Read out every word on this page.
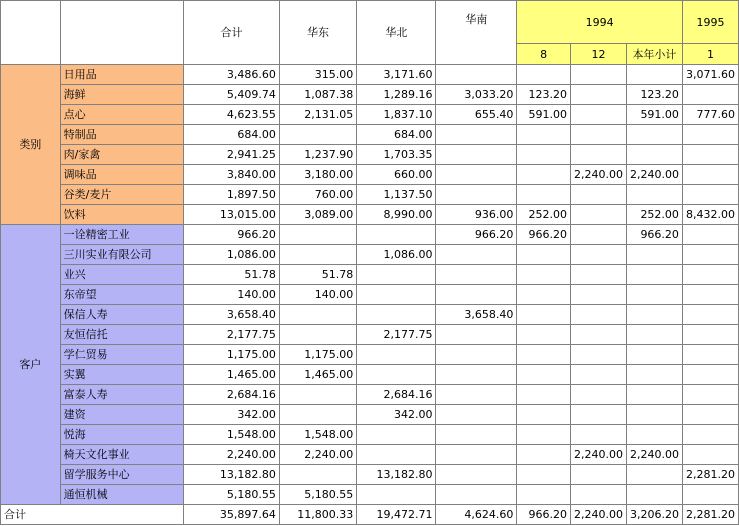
		合计	华东	华北	华南	1994			1995
						8	12	本年小计	1
类别	日用品	3,486.60	315.00	3,171.60					3,071.60
	海鲜	5,409.74	1,087.38	1,289.16	3,033.20	123.20		123.20	
	点心	4,623.55	2,131.05	1,837.10	655.40	591.00		591.00	777.60
	特制品	684.00		684.00					
	肉/家禽	2,941.25	1,237.90	1,703.35					
	调味品	3,840.00	3,180.00	660.00			2,240.00	2,240.00	
	谷类/麦片	1,897.50	760.00	1,137.50					
	饮料	13,015.00	3,089.00	8,990.00	936.00	252.00		252.00	8,432.00
客户	一诠精密工业	966.20			966.20	966.20		966.20	
	三川实业有限公司	1,086.00		1,086.00					
	业兴	51.78	51.78						
	东帝望	140.00	140.00						
	保信人寿	3,658.40			3,658.40				
	友恒信托	2,177.75		2,177.75					
	学仁贸易	1,175.00	1,175.00						
	实翼	1,465.00	1,465.00						
	富泰人寿	2,684.16		2,684.16					
	建资	342.00		342.00					
	悦海	1,548.00	1,548.00						
	椅天文化事业	2,240.00	2,240.00				2,240.00	2,240.00	
	留学服务中心	13,182.80		13,182.80					2,281.20
	通恒机械	5,180.55	5,180.55						
合计		35,897.64	11,800.33	19,472.71	4,624.60	966.20	2,240.00	3,206.20	2,281.20
